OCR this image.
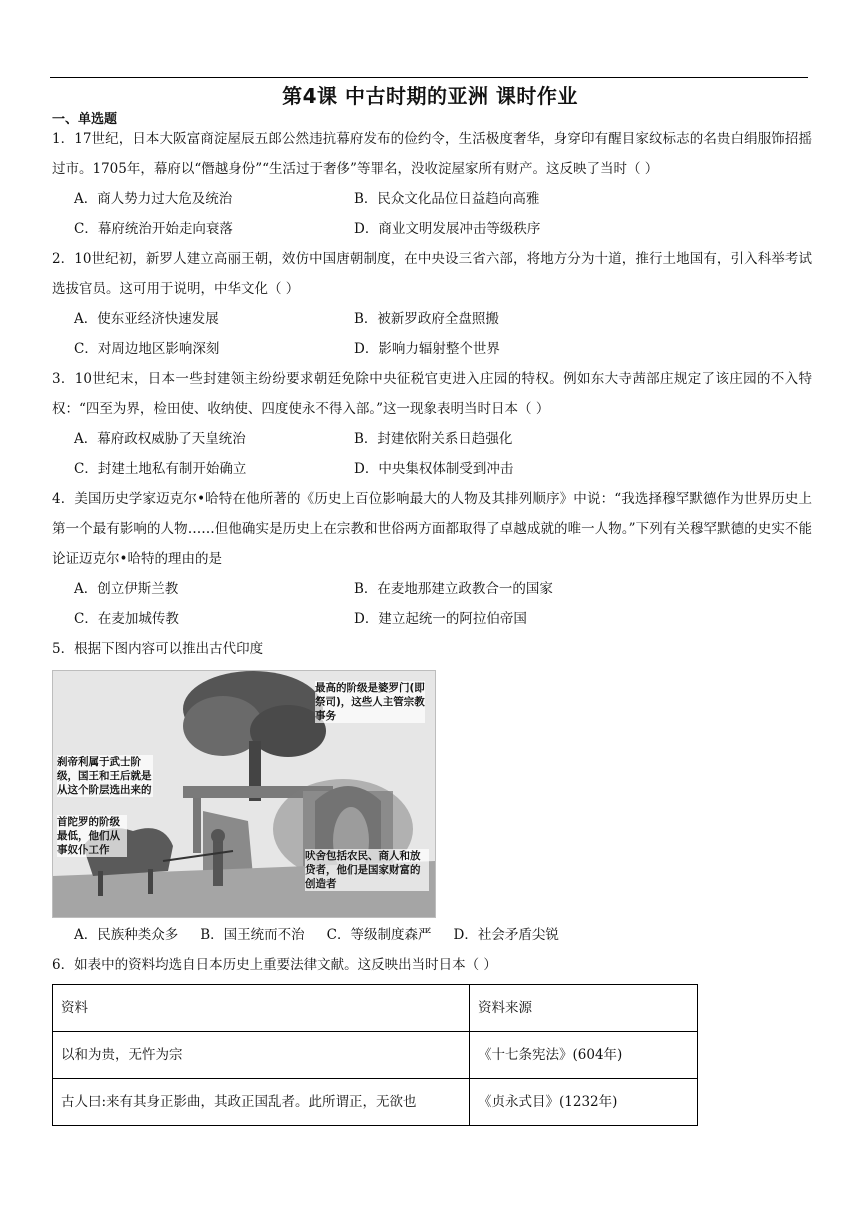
第4课 中古时期的亚洲 课时作业
一、单选题

1．17世纪，日本大阪富商淀屋辰五郎公然违抗幕府发布的俭约令，生活极度奢华，身穿印有醒目家纹标志的名贵白绢服饰招摇过市。1705年，幕府以“僭越身份”“生活过于奢侈”等罪名，没收淀屋家所有财产。这反映了当时（ ）

A．商人势力过大危及统治	B．民众文化品位日益趋向高雅
C．幕府统治开始走向衰落	D．商业文明发展冲击等级秩序

2．10世纪初，新罗人建立高丽王朝，效仿中国唐朝制度，在中央设三省六部，将地方分为十道，推行土地国有，引入科举考试选拔官员。这可用于说明，中华文化（ ）

A．使东亚经济快速发展	B．被新罗政府全盘照搬
C．对周边地区影响深刻	D．影响力辐射整个世界

3．10世纪末，日本一些封建领主纷纷要求朝廷免除中央征税官吏进入庄园的特权。例如东大寺茜部庄规定了该庄园的不入特权：“四至为界，检田使、收纳使、四度使永不得入部。”这一现象表明当时日本（ ）

A．幕府政权威胁了天皇统治	B．封建依附关系日趋强化
C．封建土地私有制开始确立	D．中央集权体制受到冲击

4．美国历史学家迈克尔•哈特在他所著的《历史上百位影响最大的人物及其排列顺序》中说：“我选择穆罕默德作为世界历史上第一个最有影响的人物……但他确实是历史上在宗教和世俗两方面都取得了卓越成就的唯一人物。”下列有关穆罕默德的史实不能论证迈克尔•哈特的理由的是

A．创立伊斯兰教	B．在麦地那建立政教合一的国家
C．在麦加城传教	D．建立起统一的阿拉伯帝国

5．根据下图内容可以推出古代印度

最高的阶级是婆罗门(即祭司)，这些人主管宗教事务
刹帝利属于武士阶级，国王和王后就是从这个阶层选出来的
首陀罗的阶级最低，他们从事奴仆工作	吠舍包括农民、商人和放贷者，他们是国家财富的创造者
A．民族种类众多 B．国王统而不治 C．等级制度森严 D．社会矛盾尖锐

6．如表中的资料均选自日本历史上重要法律文献。这反映出当时日本（ ）

资料	资料来源
以和为贵，无忤为宗	《十七条宪法》(604年)
古人曰:来有其身正影曲，其政正国乱者。此所谓正，无欲也	《贞永式目》(1232年)
